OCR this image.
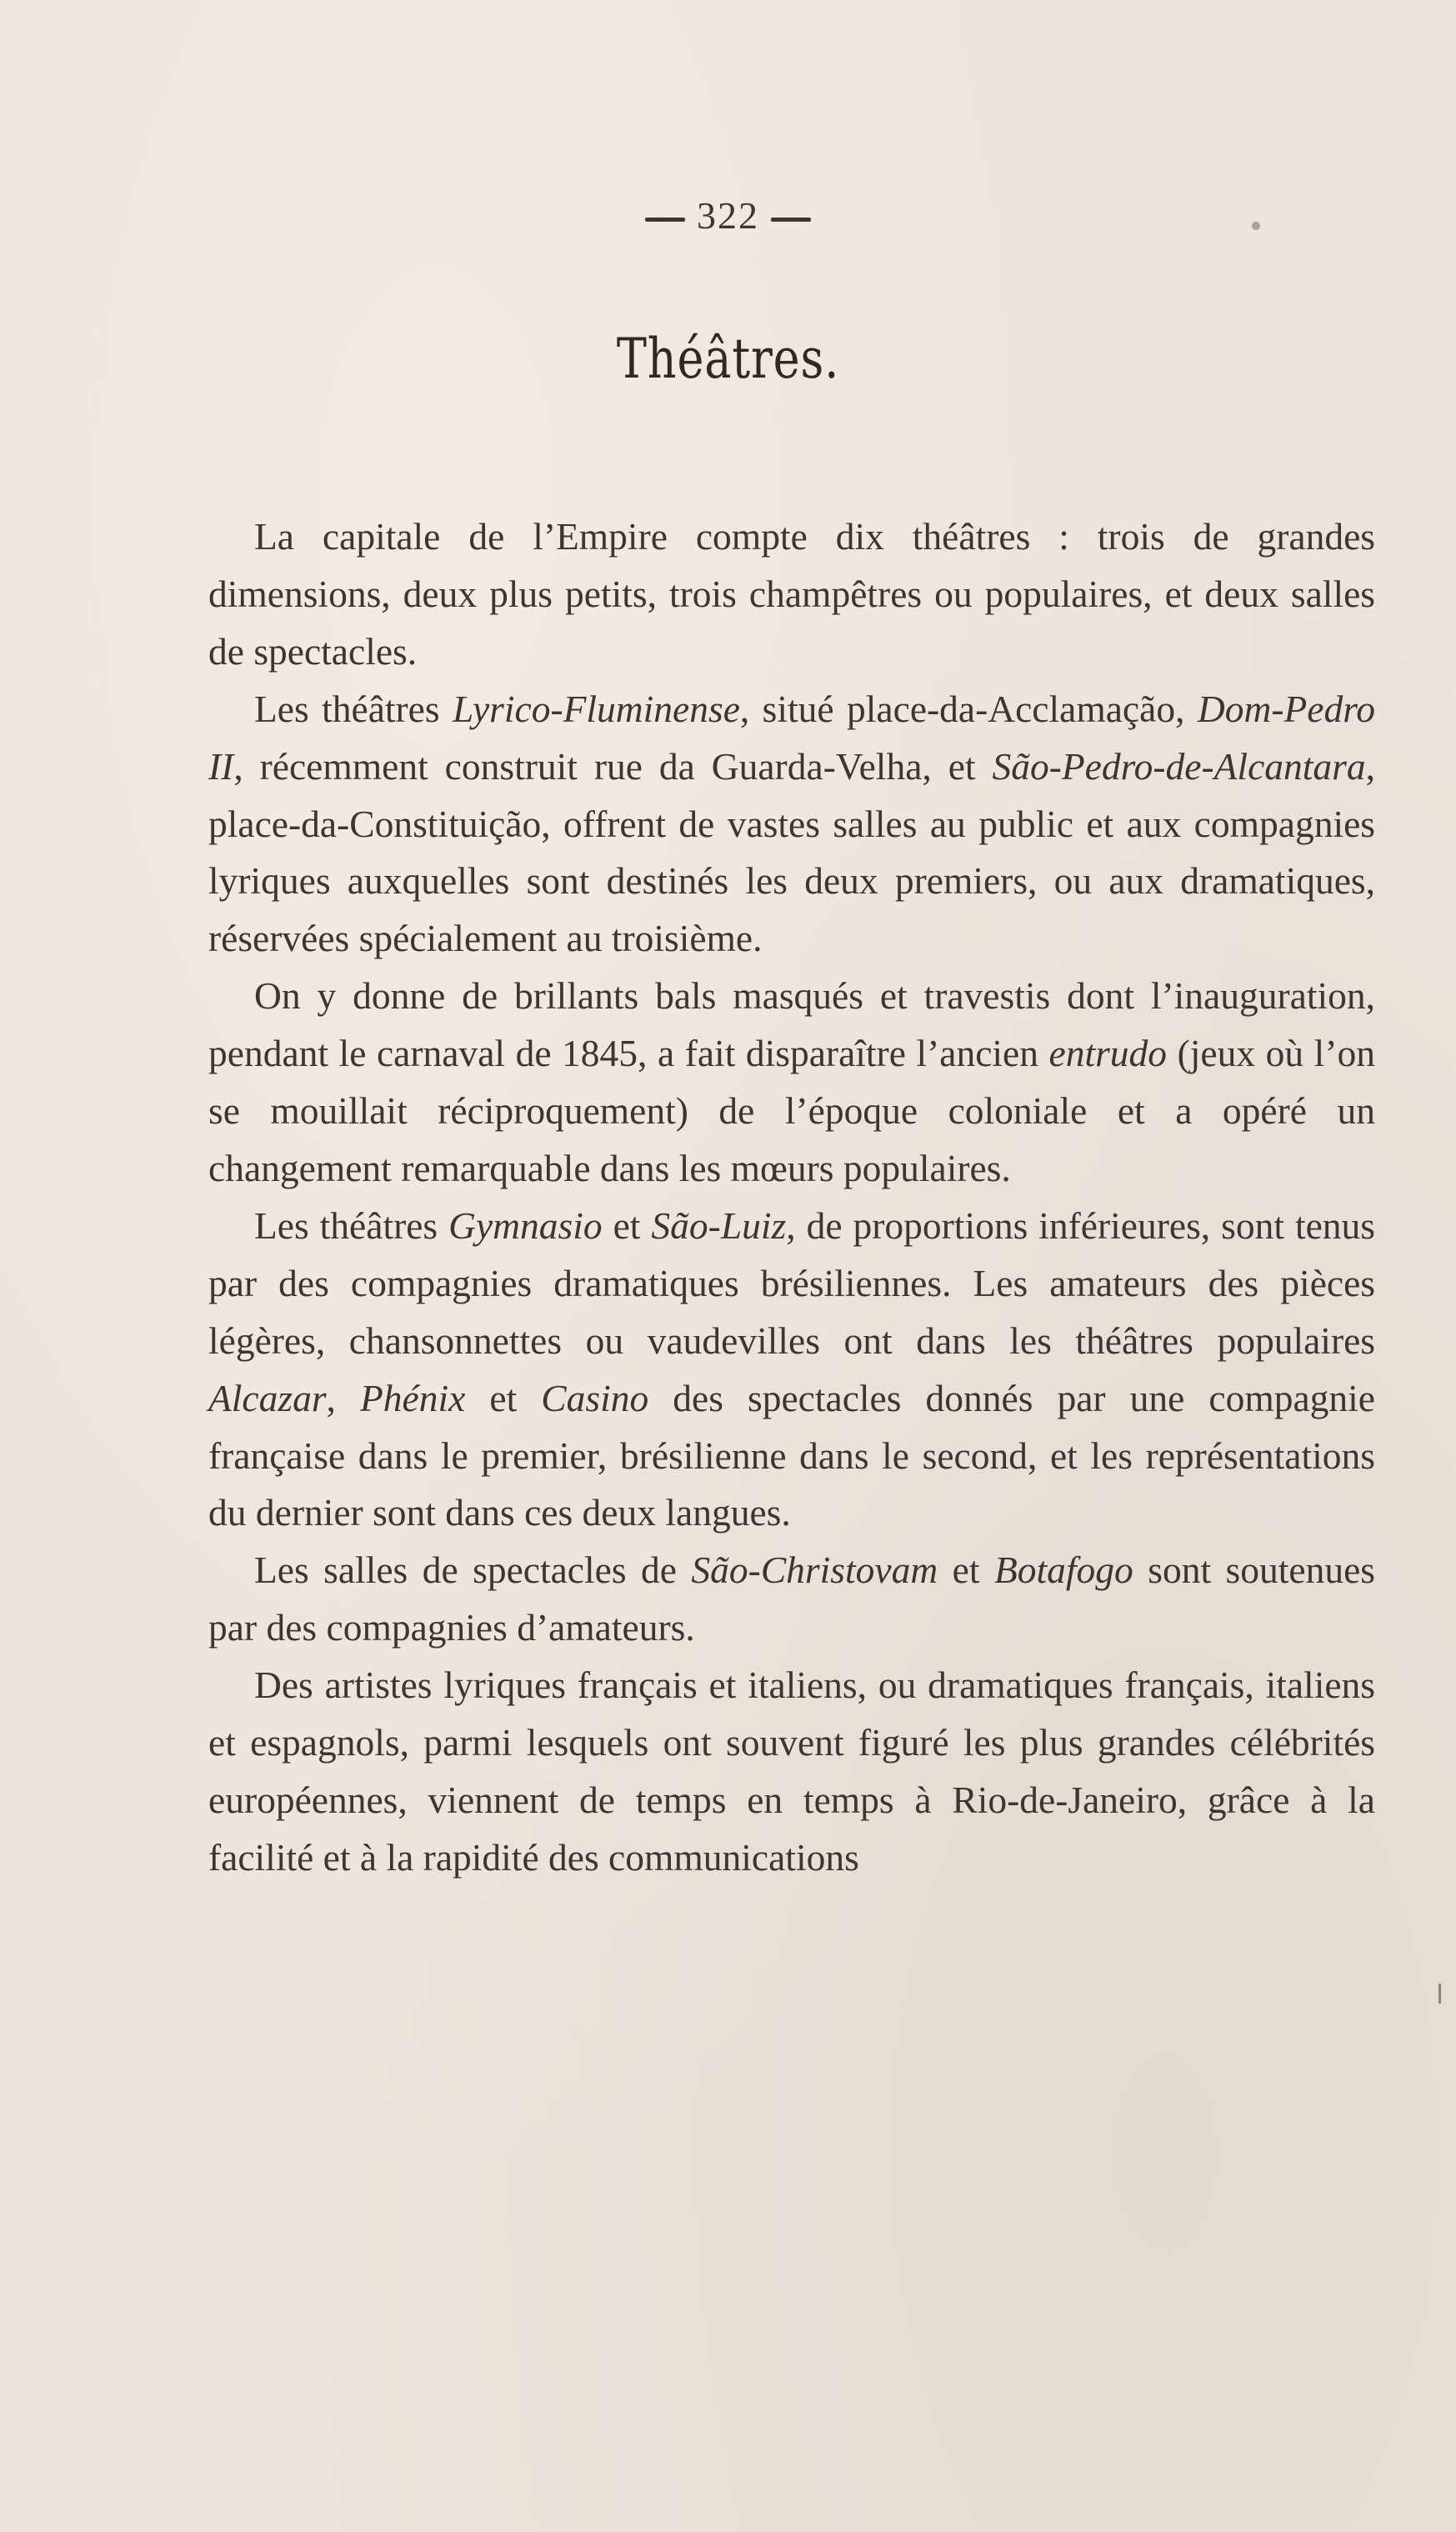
322
Théâtres.

La capitale de l’Empire compte dix théâtres : trois de grandes dimensions, deux plus petits, trois champêtres ou populaires, et deux salles de spectacles.

Les théâtres Lyrico-Fluminense, situé place-da-Acclamação, Dom-Pedro II, récemment construit rue da Guarda-Velha, et São-Pedro-de-Alcantara, place-da-Constituição, offrent de vastes salles au public et aux compagnies lyriques auxquelles sont destinés les deux premiers, ou aux dramatiques, réservées spécialement au troisième.

On y donne de brillants bals masqués et travestis dont l’inauguration, pendant le carnaval de 1845, a fait disparaître l’ancien entrudo (jeux où l’on se mouillait réciproquement) de l’époque coloniale et a opéré un changement remarquable dans les mœurs populaires.

Les théâtres Gymnasio et São-Luiz, de proportions inférieures, sont tenus par des compagnies dramatiques brésiliennes. Les amateurs des pièces légères, chansonnettes ou vaudevilles ont dans les théâtres populaires Alcazar, Phénix et Casino des spectacles donnés par une compagnie française dans le premier, brésilienne dans le second, et les représentations du dernier sont dans ces deux langues.

Les salles de spectacles de São-Christovam et Botafogo sont soutenues par des compagnies d’amateurs.

Des artistes lyriques français et italiens, ou dramatiques français, italiens et espagnols, parmi lesquels ont souvent figuré les plus grandes célébrités européennes, viennent de temps en temps à Rio-de-Janeiro, grâce à la facilité et à la rapidité des communications
